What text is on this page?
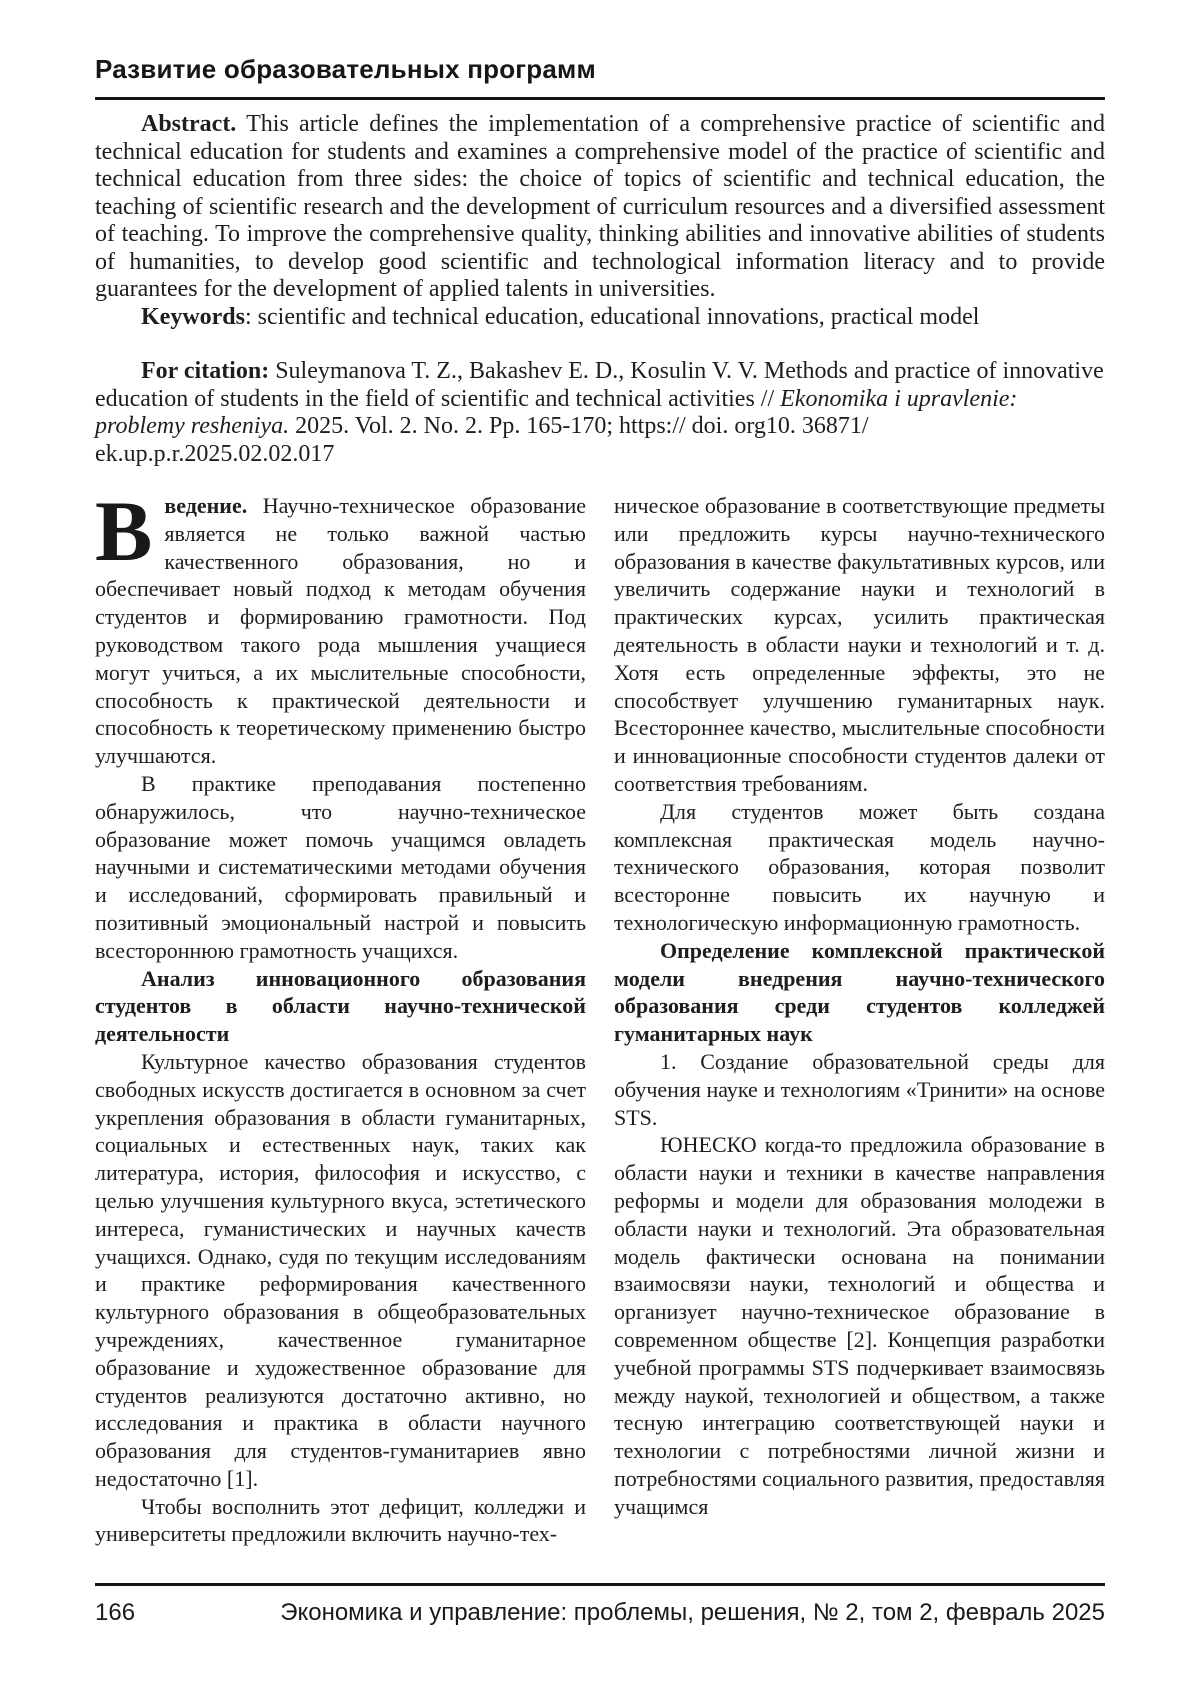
Развитие образовательных программ

Abstract. This article defines the implementation of a comprehensive practice of scientific and technical education for students and examines a comprehensive model of the practice of scientific and technical education from three sides: the choice of topics of scientific and technical education, the teaching of scientific research and the development of curriculum resources and a diversified assessment of teaching. To improve the comprehensive quality, thinking abilities and innovative abilities of students of humanities, to develop good scientific and technological information literacy and to provide guarantees for the development of applied talents in universities.

Keywords: scientific and technical education, educational innovations, practical model

For citation: Suleymanova T. Z., Bakashev E. D., Kosulin V. V. Methods and practice of innovative education of students in the field of scientific and technical activities // Ekonomika i upravlenie: problemy resheniya. 2025. Vol. 2. No. 2. Pp. 165-170; https:// doi. org10. 36871/ ek.up.p.r.2025.02.02.017

Введение. Научно-техническое образование является не только важной частью качественного образования, но и обеспечивает новый подход к методам обучения студентов и формированию грамотности. Под руководством такого рода мышления учащиеся могут учиться, а их мыслительные способности, способность к практической деятельности и способность к теоретическому применению быстро улучшаются.

В практике преподавания постепенно обнаружилось, что научно-техническое образование может помочь учащимся овладеть научными и систематическими методами обучения и исследований, сформировать правильный и позитивный эмоциональный настрой и повысить всестороннюю грамотность учащихся.

Анализ инновационного образования студентов в области научно-технической деятельности

Культурное качество образования студентов свободных искусств достигается в основном за счет укрепления образования в области гуманитарных, социальных и естественных наук, таких как литература, история, философия и искусство, с целью улучшения культурного вкуса, эстетического интереса, гуманистических и научных качеств учащихся. Однако, судя по текущим исследованиям и практике реформирования качественного культурного образования в общеобразовательных учреждениях, качественное гуманитарное образование и художественное образование для студентов реализуются достаточно активно, но исследования и практика в области научного образования для студентов-гуманитариев явно недостаточно [1].

Чтобы восполнить этот дефицит, колледжи и университеты предложили включить научно-тех-

ническое образование в соответствующие предметы или предложить курсы научно-технического образования в качестве факультативных курсов, или увеличить содержание науки и технологий в практических курсах, усилить практическая деятельность в области науки и технологий и т. д. Хотя есть определенные эффекты, это не способствует улучшению гуманитарных наук. Всестороннее качество, мыслительные способности и инновационные способности студентов далеки от соответствия требованиям.

Для студентов может быть создана комплексная практическая модель научно-технического образования, которая позволит всесторонне повысить их научную и технологическую информационную грамотность.

Определение комплексной практической модели внедрения научно-технического образования среди студентов колледжей гуманитарных наук

1. Создание образовательной среды для обучения науке и технологиям «Тринити» на основе STS.

ЮНЕСКО когда-то предложила образование в области науки и техники в качестве направления реформы и модели для образования молодежи в области науки и технологий. Эта образовательная модель фактически основана на понимании взаимосвязи науки, технологий и общества и организует научно-техническое образование в современном обществе [2]. Концепция разработки учебной программы STS подчеркивает взаимосвязь между наукой, технологией и обществом, а также тесную интеграцию соответствующей науки и технологии с потребностями личной жизни и потребностями социального развития, предоставляя учащимся

166	Экономика и управление: проблемы, решения, № 2, том 2, февраль 2025
